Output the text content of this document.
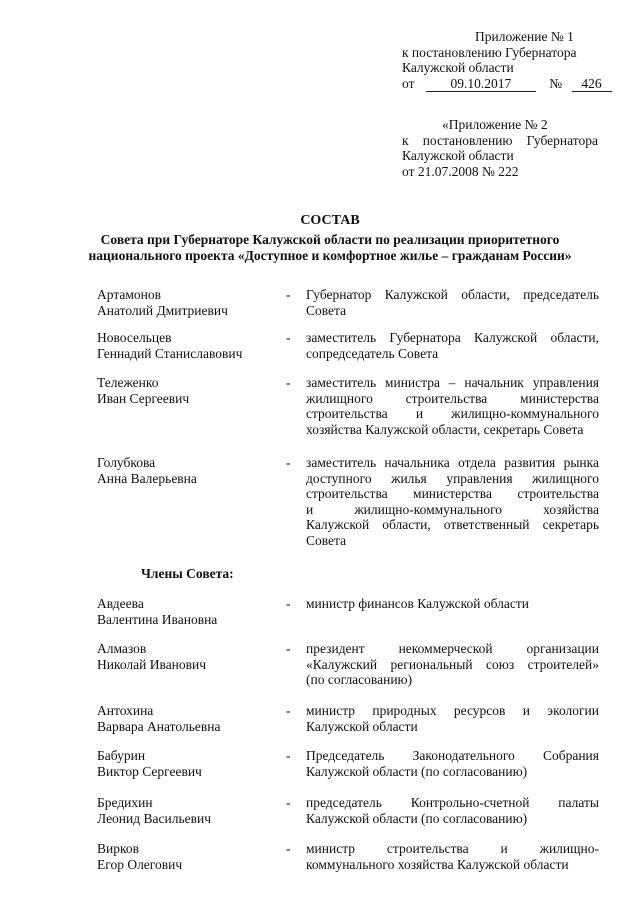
Приложение № 1
к постановлению Губернатора
Калужской области
от	09.10.2017	№ 426
«Приложение № 2
к постановлению Губернатора
Калужской области
от 21.07.2008 № 222
СОСТАВ
Совета при Губернаторе Калужской области по реализации приоритетного
национального проекта «Доступное и комфортное жилье – гражданам России»
Артамонов
Анатолий Дмитриевич
- Губернатор Калужской области, председатель
Совета
Новосельцев
Геннадий Станиславович
- заместитель Губернатора Калужской области,
сопредседатель Совета
Тележенко
Иван Сергеевич
- заместитель министра – начальник управления
жилищного строительства министерства
строительства и жилищно-коммунального
хозяйства Калужской области, секретарь Совета
Голубкова
Анна Валерьевна
- заместитель начальника отдела развития рынка
доступного жилья управления жилищного
строительства министерства строительства
и жилищно-коммунального хозяйства
Калужской области, ответственный секретарь
Совета
Члены Совета:
Авдеева
Валентина Ивановна
- министр финансов Калужской области
Алмазов
Николай Иванович
- президент некоммерческой организации
«Калужский региональный союз строителей»
(по согласованию)
Антохина
Варвара Анатольевна
- министр природных ресурсов и экологии
Калужской области
Бабурин
Виктор Сергеевич
- Председатель Законодательного Собрания
Калужской области (по согласованию)
Бредихин
Леонид Васильевич
- председатель Контрольно-счетной палаты
Калужской области (по согласованию)
Вирков
Егор Олегович
- министр строительства и жилищно-
коммунального хозяйства Калужской области
